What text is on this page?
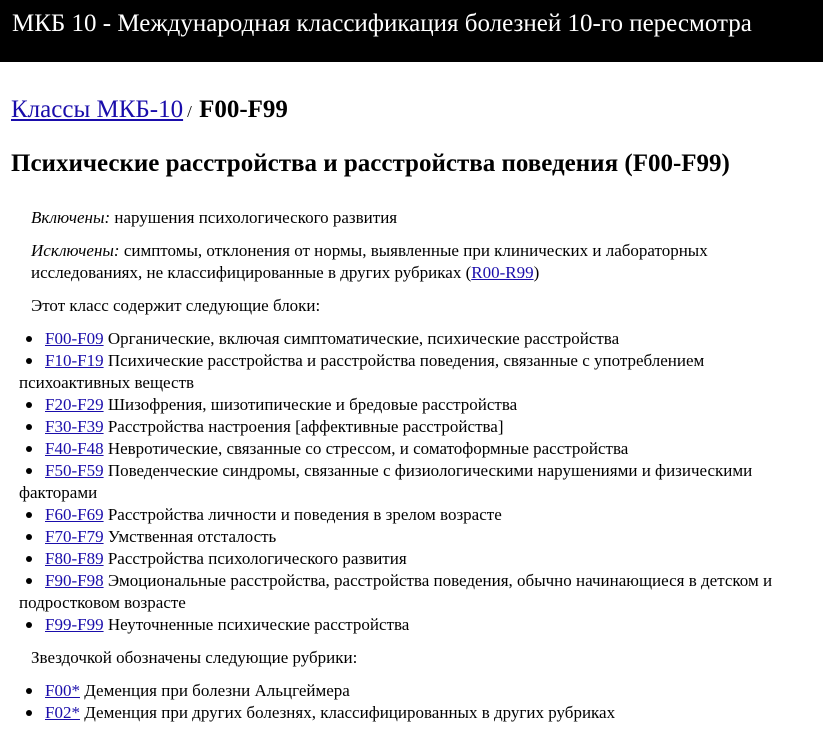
МКБ 10 - Международная классификация болезней 10-го пересмотра
Классы МКБ-10 / F00-F99
Психические расстройства и расстройства поведения (F00-F99)

Включены: нарушения психологического развития

Исключены: симптомы, отклонения от нормы, выявленные при клинических и лабораторных исследованиях, не классифицированные в других рубриках (R00-R99)

Этот класс содержит следующие блоки:

F00-F09 Органические, включая симптоматические, психические расстройства
F10-F19 Психические расстройства и расстройства поведения, связанные с употреблением психоактивных веществ
F20-F29 Шизофрения, шизотипические и бредовые расстройства
F30-F39 Расстройства настроения [аффективные расстройства]
F40-F48 Невротические, связанные со стрессом, и соматоформные расстройства
F50-F59 Поведенческие синдромы, связанные с физиологическими нарушениями и физическими факторами
F60-F69 Расстройства личности и поведения в зрелом возрасте
F70-F79 Умственная отсталость
F80-F89 Расстройства психологического развития
F90-F98 Эмоциональные расстройства, расстройства поведения, обычно начинающиеся в детском и подростковом возрасте
F99-F99 Неуточненные психические расстройства

Звездочкой обозначены следующие рубрики:

F00* Деменция при болезни Альцгеймера
F02* Деменция при других болезнях, классифицированных в других рубриках
